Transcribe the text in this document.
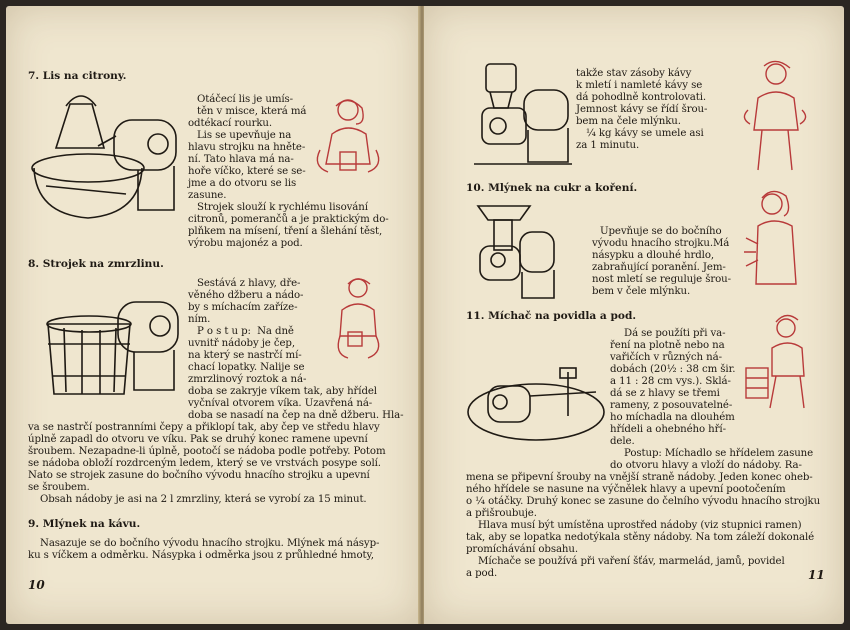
7. Lis na citrony.
Otáčecí lis je umís-
těn v misce, která má
odtékací rourku.
Lis se upevňuje na
hlavu strojku na hněte-
ní. Tato hlava má na-
hoře víčko, které se se-
jme a do otvoru se lis
zasune.
Strojek slouží k rychlému lisování
citronů, pomerančů a je praktickým do-
plňkem na mísení, tření a šlehání těst,
výrobu majonéz a pod.
8. Strojek na zmrzlinu.
Sestává z hlavy, dře-
věného džberu a nádo-
by s míchacím zaříze-
ním.
P o s t u p:  Na dně
uvnitř nádoby je čep,
na který se nastrčí mí-
chací lopatky. Nalije se
zmrzlinový roztok a ná-
doba se zakryje víkem tak, aby hřídel
vyčníval otvorem víka. Uzavřená ná-
doba se nasadí na čep na dně džberu. Hla-
va se nastrčí postranními čepy a přiklopí tak, aby čep ve středu hlavy
úplně zapadl do otvoru ve víku. Pak se druhý konec ramene upevní
šroubem. Nezapadne-li úplně, pootočí se nádoba podle potřeby. Potom
se nádoba obloží rozdrceným ledem, který se ve vrstvách posype solí.
Nato se strojek zasune do bočního vývodu hnacího strojku a upevní
se šroubem.
Obsah nádoby je asi na 2 l zmrzliny, která se vyrobí za 15 minut.
9. Mlýnek na kávu.
Nasazuje se do bočního vývodu hnacího strojku. Mlýnek má násyp-
ku s víčkem a odměrku. Násypka i odměrka jsou z průhledné hmoty,
10
takže stav zásoby kávy
k mletí i namleté kávy se
dá pohodlně kontrolovati.
Jemnost kávy se řídí šrou-
bem na čele mlýnku.
¼ kg kávy se umele asi
za 1 minutu.
10. Mlýnek na cukr a koření.
Upevňuje se do bočního
vývodu hnacího strojku.Má
násypku a dlouhé hrdlo,
zabraňující poranění. Jem-
nost mletí se reguluje šrou-
bem v čele mlýnku.
11. Míchač na povidla a pod.
Dá se použíti při va-
ření na plotně nebo na
vařičích v různých ná-
dobách (20½ : 38 cm šir.
a 11 : 28 cm vys.). Sklá-
dá se z hlavy se třemi
rameny, z posouvatelné-
ho míchadla na dlouhém
hřídeli a ohebného hří-
dele.
Postup: Míchadlo se hřídelem zasune
do otvoru hlavy a vloží do nádoby. Ra-
mena se připevní šrouby na vnější straně nádoby. Jeden konec oheb-
ného hřídele se nasune na výčnělek hlavy a upevní pootočením
o ¼ otáčky. Druhý konec se zasune do čelního vývodu hnacího strojku
a přišroubuje.
Hlava musí být umístěna uprostřed nádoby (viz stupnici ramen)
tak, aby se lopatka nedotýkala stěny nádoby. Na tom záleží dokonalé
promíchávání obsahu.
Míchače se používá při vaření šťáv, marmelád, jamů, povidel
a pod.	11
